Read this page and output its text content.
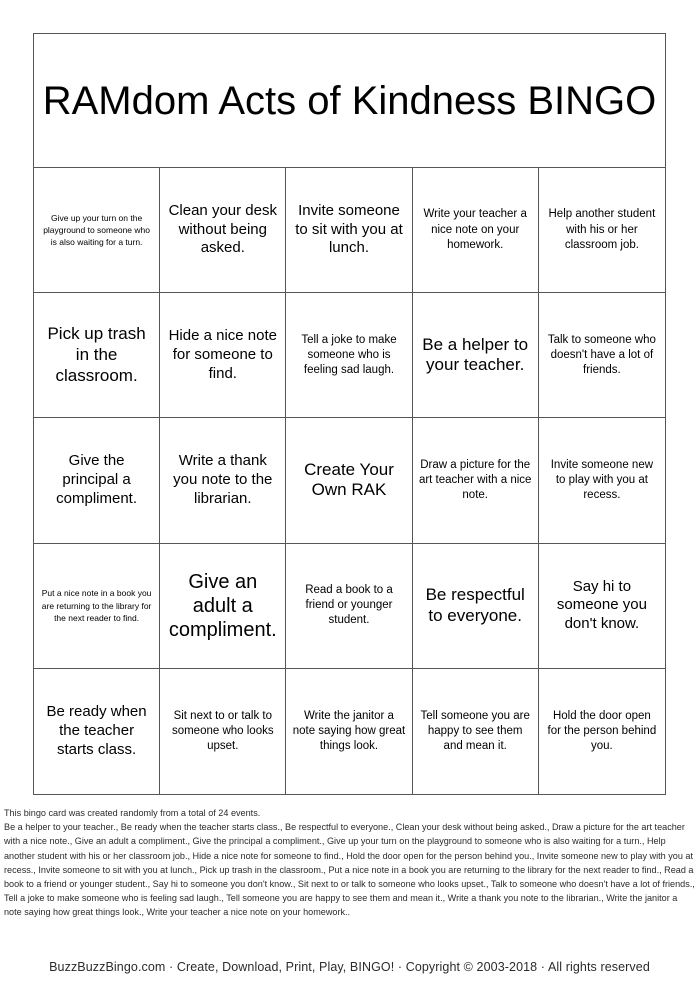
RAMdom Acts of Kindness BINGO
Give up your turn on the playground to someone who is also waiting for a turn.
Clean your desk without being asked.
Invite someone to sit with you at lunch.
Write your teacher a nice note on your homework.
Help another student with his or her classroom job.
Pick up trash in the classroom.
Hide a nice note for someone to find.
Tell a joke to make someone who is feeling sad laugh.
Be a helper to your teacher.
Talk to someone who doesn't have a lot of friends.
Give the principal a compliment.
Write a thank you note to the librarian.
Create Your Own RAK
Draw a picture for the art teacher with a nice note.
Invite someone new to play with you at recess.
Put a nice note in a book you are returning to the library for the next reader to find.
Give an adult a compliment.
Read a book to a friend or younger student.
Be respectful to everyone.
Say hi to someone you don't know.
Be ready when the teacher starts class.
Sit next to or talk to someone who looks upset.
Write the janitor a note saying how great things look.
Tell someone you are happy to see them and mean it.
Hold the door open for the person behind you.
This bingo card was created randomly from a total of 24 events.
Be a helper to your teacher., Be ready when the teacher starts class., Be respectful to everyone., Clean your desk without being asked., Draw a picture for the art teacher with a nice note., Give an adult a compliment., Give the principal a compliment., Give up your turn on the playground to someone who is also waiting for a turn., Help another student with his or her classroom job., Hide a nice note for someone to find., Hold the door open for the person behind you., Invite someone new to play with you at recess., Invite someone to sit with you at lunch., Pick up trash in the classroom., Put a nice note in a book you are returning to the library for the next reader to find., Read a book to a friend or younger student., Say hi to someone you don't know., Sit next to or talk to someone who looks upset., Talk to someone who doesn't have a lot of friends., Tell a joke to make someone who is feeling sad laugh., Tell someone you are happy to see them and mean it., Write a thank you note to the librarian., Write the janitor a note saying how great things look., Write your teacher a nice note on your homework..
BuzzBuzzBingo.com · Create, Download, Print, Play, BINGO! · Copyright © 2003-2018 · All rights reserved
